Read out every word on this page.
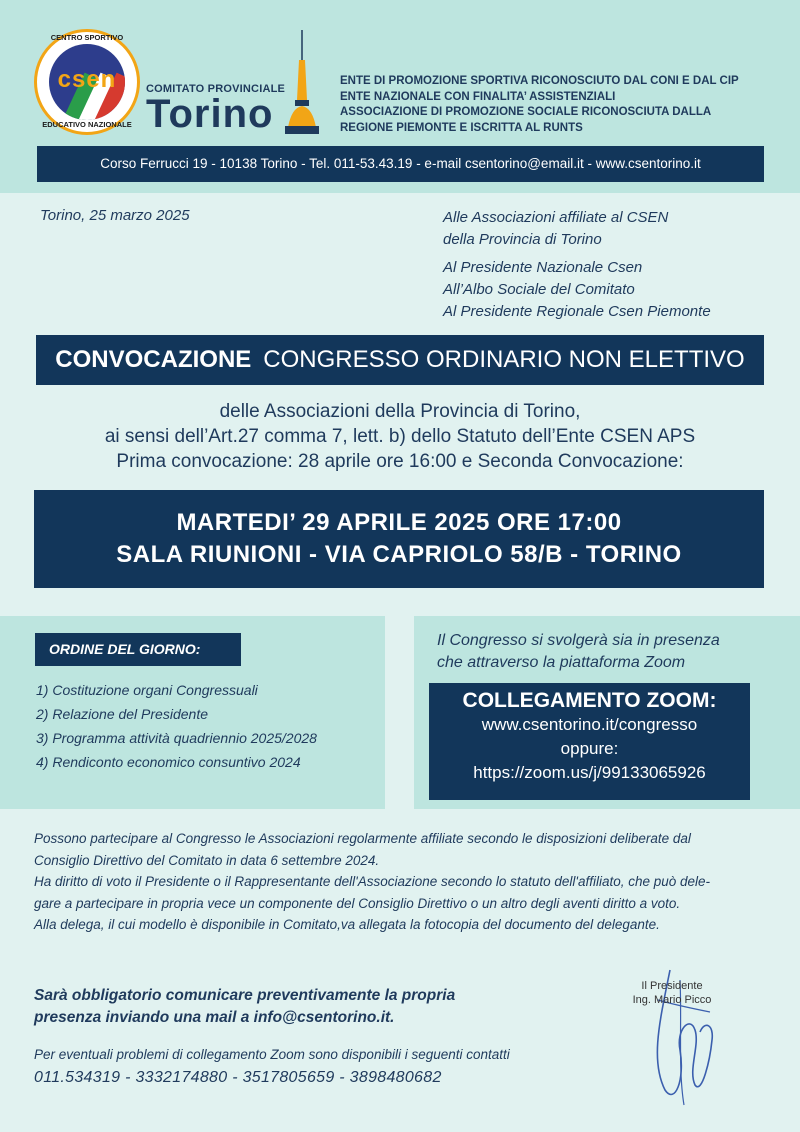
CENTRO SPORTIVO
csen
EDUCATIVO NAZIONALE
COMITATO PROVINCIALE
Torino
ENTE DI PROMOZIONE SPORTIVA RICONOSCIUTO DAL CONI E DAL CIP
ENTE NAZIONALE CON FINALITA’ ASSISTENZIALI
ASSOCIAZIONE DI PROMOZIONE SOCIALE RICONOSCIUTA DALLA
REGIONE PIEMONTE E ISCRITTA AL RUNTS
Corso Ferrucci 19 - 10138 Torino - Tel. 011-53.43.19 - e-mail csentorino@email.it - www.csentorino.it
Torino, 25 marzo 2025	Alle Associazioni affiliate al CSEN
della Provincia di Torino
Al Presidente Nazionale Csen
All’Albo Sociale del Comitato
Al Presidente Regionale Csen Piemonte
CONVOCAZIONE CONGRESSO ORDINARIO NON ELETTIVO
delle Associazioni della Provincia di Torino,
ai sensi dell’Art.27 comma 7, lett. b) dello Statuto dell’Ente CSEN APS
Prima convocazione: 28 aprile ore 16:00 e Seconda Convocazione:
MARTEDI’ 29 APRILE 2025 ORE 17:00
SALA RIUNIONI - VIA CAPRIOLO 58/B - TORINO
ORDINE DEL GIORNO:
1) Costituzione organi Congressuali
2) Relazione del Presidente
3) Programma attività quadriennio 2025/2028
4) Rendiconto economico consuntivo 2024
Il Congresso si svolgerà sia in presenza
che attraverso la piattaforma Zoom
COLLEGAMENTO ZOOM:
www.csentorino.it/congresso
oppure:
https://zoom.us/j/99133065926
Possono partecipare al Congresso le Associazioni regolarmente affiliate secondo le disposizioni deliberate dal
Consiglio Direttivo del Comitato in data 6 settembre 2024.
Ha diritto di voto il Presidente o il Rappresentante dell'Associazione secondo lo statuto dell'affiliato, che può dele-
gare a partecipare in propria vece un componente del Consiglio Direttivo o un altro degli aventi diritto a voto.
Alla delega, il cui modello è disponibile in Comitato,va allegata la fotocopia del documento del delegante.
Sarà obbligatorio comunicare preventivamente la propria
presenza inviando una mail a info@csentorino.it.
Per eventuali problemi di collegamento Zoom sono disponibili i seguenti contatti
011.534319 - 3332174880 - 3517805659 - 3898480682
Il Presidente
Ing. Mario Picco
